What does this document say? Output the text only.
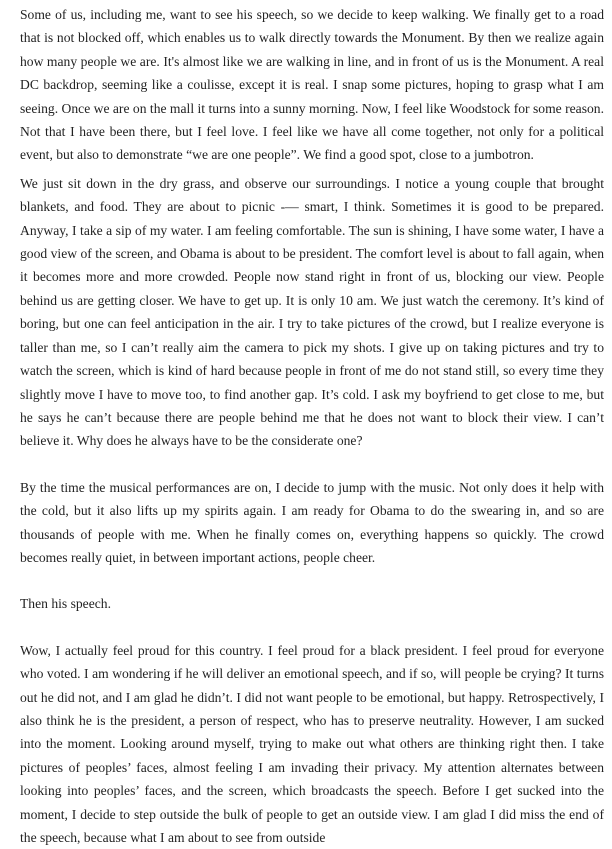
Some of us, including me, want to see his speech, so we decide to keep walking. We finally get to a road that is not blocked off, which enables us to walk directly towards the Monument. By then we realize again how many people we are. It's almost like we are walking in line, and in front of us is the Monument. A real DC backdrop, seeming like a coulisse, except it is real. I snap some pictures, hoping to grasp what I am seeing. Once we are on the mall it turns into a sunny morning. Now, I feel like Woodstock for some reason. Not that I have been there, but I feel love. I feel like we have all come together, not only for a political event, but also to demonstrate “we are one people”. We find a good spot, close to a jumbotron.

We just sit down in the dry grass, and observe our surroundings. I notice a young couple that brought blankets, and food. They are about to picnic -— smart, I think. Sometimes it is good to be prepared. Anyway, I take a sip of my water. I am feeling comfortable. The sun is shining, I have some water, I have a good view of the screen, and Obama is about to be president. The comfort level is about to fall again, when it becomes more and more crowded. People now stand right in front of us, blocking our view. People behind us are getting closer. We have to get up. It is only 10 am. We just watch the ceremony. It’s kind of boring, but one can feel anticipation in the air. I try to take pictures of the crowd, but I realize everyone is taller than me, so I can’t really aim the camera to pick my shots. I give up on taking pictures and try to watch the screen, which is kind of hard because people in front of me do not stand still, so every time they slightly move I have to move too, to find another gap. It’s cold. I ask my boyfriend to get close to me, but he says he can’t because there are people behind me that he does not want to block their view. I can’t believe it. Why does he always have to be the considerate one?

By the time the musical performances are on, I decide to jump with the music. Not only does it help with the cold, but it also lifts up my spirits again. I am ready for Obama to do the swearing in, and so are thousands of people with me. When he finally comes on, everything happens so quickly. The crowd becomes really quiet, in between important actions, people cheer.

Then his speech.

Wow, I actually feel proud for this country. I feel proud for a black president. I feel proud for everyone who voted. I am wondering if he will deliver an emotional speech, and if so, will people be crying? It turns out he did not, and I am glad he didn’t. I did not want people to be emotional, but happy. Retrospectively, I also think he is the president, a person of respect, who has to preserve neutrality. However, I am sucked into the moment. Looking around myself, trying to make out what others are thinking right then. I take pictures of peoples’ faces, almost feeling I am invading their privacy. My attention alternates between looking into peoples’ faces, and the screen, which broadcasts the speech. Before I get sucked into the moment, I decide to step outside the bulk of people to get an outside view. I am glad I did miss the end of the speech, because what I am about to see from outside
